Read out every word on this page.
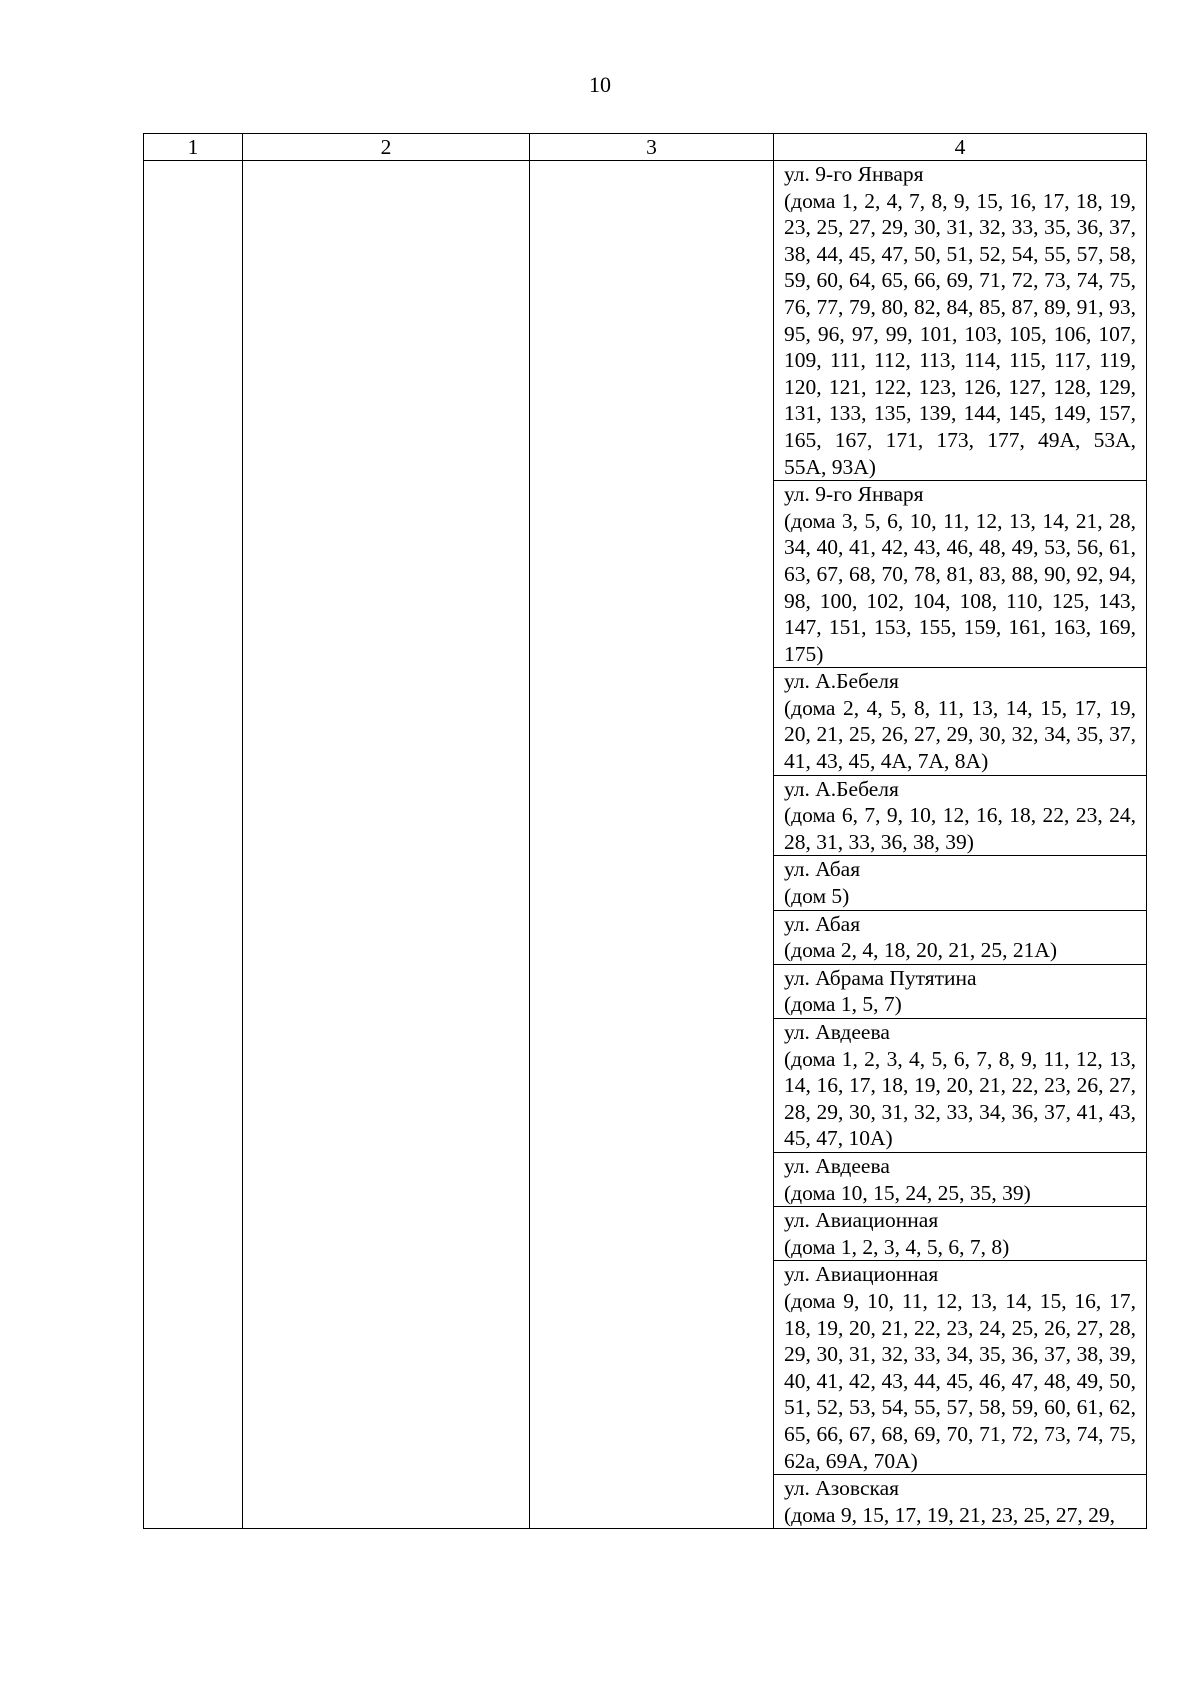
10
1	2	3	4

			ул. 9-го Января
(дома 1, 2, 4, 7, 8, 9, 15, 16, 17, 18, 19, 23, 25, 27, 29, 30, 31, 32, 33, 35, 36, 37, 38, 44, 45, 47, 50, 51, 52, 54, 55, 57, 58, 59, 60, 64, 65, 66, 69, 71, 72, 73, 74, 75, 76, 77, 79, 80, 82, 84, 85, 87, 89, 91, 93, 95, 96, 97, 99, 101, 103, 105, 106, 107, 109, 111, 112, 113, 114, 115, 117, 119, 120, 121, 122, 123, 126, 127, 128, 129, 131, 133, 135, 139, 144, 145, 149, 157, 165, 167, 171, 173, 177, 49А, 53А, 55А, 93А)

			ул. 9-го Января
(дома 3, 5, 6, 10, 11, 12, 13, 14, 21, 28, 34, 40, 41, 42, 43, 46, 48, 49, 53, 56, 61, 63, 67, 68, 70, 78, 81, 83, 88, 90, 92, 94, 98, 100, 102, 104, 108, 110, 125, 143, 147, 151, 153, 155, 159, 161, 163, 169, 175)

			ул. А.Бебеля
(дома 2, 4, 5, 8, 11, 13, 14, 15, 17, 19, 20, 21, 25, 26, 27, 29, 30, 32, 34, 35, 37, 41, 43, 45, 4А, 7А, 8А)

			ул. А.Бебеля
(дома 6, 7, 9, 10, 12, 16, 18, 22, 23, 24, 28, 31, 33, 36, 38, 39)

			ул. Абая
(дом 5)

			ул. Абая
(дома 2, 4, 18, 20, 21, 25, 21А)

			ул. Абрама Путятина
(дома 1, 5, 7)

			ул. Авдеева
(дома 1, 2, 3, 4, 5, 6, 7, 8, 9, 11, 12, 13, 14, 16, 17, 18, 19, 20, 21, 22, 23, 26, 27, 28, 29, 30, 31, 32, 33, 34, 36, 37, 41, 43, 45, 47, 10А)

			ул. Авдеева
(дома 10, 15, 24, 25, 35, 39)

			ул. Авиационная
(дома 1, 2, 3, 4, 5, 6, 7, 8)

			ул. Авиационная
(дома 9, 10, 11, 12, 13, 14, 15, 16, 17, 18, 19, 20, 21, 22, 23, 24, 25, 26, 27, 28, 29, 30, 31, 32, 33, 34, 35, 36, 37, 38, 39, 40, 41, 42, 43, 44, 45, 46, 47, 48, 49, 50, 51, 52, 53, 54, 55, 57, 58, 59, 60, 61, 62, 65, 66, 67, 68, 69, 70, 71, 72, 73, 74, 75, 62а, 69А, 70А)

			ул. Азовская
(дома 9, 15, 17, 19, 21, 23, 25, 27, 29,
